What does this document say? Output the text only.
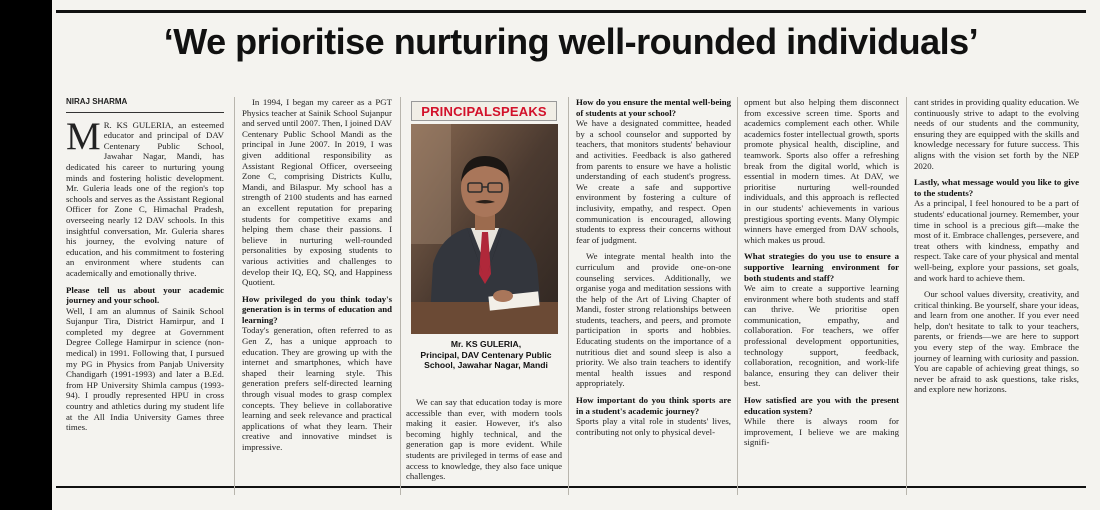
‘We prioritise nurturing well-rounded individuals’
NIRAJ SHARMA

M R. KS GULERIA, an esteemed educator and principal of DAV Centenary Public School, Jawahar Nagar, Mandi, has dedicated his career to nurturing young minds and fostering holistic development. Mr. Guleria leads one of the region's top schools and serves as the Assistant Regional Officer for Zone C, Himachal Pradesh, overseeing nearly 12 DAV schools. In this insightful conversation, Mr. Guleria shares his journey, the evolving nature of education, and his commitment to fostering an environment where students can academically and emotionally thrive.

Please tell us about your academic journey and your school.

Well, I am an alumnus of Sainik School Sujanpur Tira, District Hamirpur, and I completed my degree at Government Degree College Hamirpur in science (non-medical) in 1991. Following that, I pursued my PG in Physics from Panjab University Chandigarh (1991-1993) and later a B.Ed. from HP University Shimla campus (1993-94). I proudly represented HPU in cross country and athletics during my student life at the All India University Games three times.

In 1994, I began my career as a PGT Physics teacher at Sainik School Sujanpur and served until 2007. Then, I joined DAV Centenary Public School Mandi as the principal in June 2007. In 2019, I was given additional responsibility as Assistant Regional Officer, overseeing Zone C, comprising Districts Kullu, Mandi, and Bilaspur. My school has a strength of 2100 students and has earned an excellent reputation for preparing students for competitive exams and helping them chase their passions. I believe in nurturing well-rounded personalities by exposing students to various activities and challenges to develop their IQ, EQ, SQ, and Happiness Quotient.

How privileged do you think today's generation is in terms of education and learning?

Today's generation, often referred to as Gen Z, has a unique approach to education. They are growing up with the internet and smartphones, which have shaped their learning style. This generation prefers self-directed learning through visual modes to grasp complex concepts. They believe in collaborative learning and seek relevance and practical applications of what they learn. Their creative and innovative mindset is impressive.

PRINCIPALSPEAKS
Mr. KS GULERIA,
Principal, DAV Centenary Public
School, Jawahar Nagar, Mandi

We can say that education today is more accessible than ever, with modern tools making it easier. However, it's also becoming highly technical, and the generation gap is more evident. While students are privileged in terms of ease and access to knowledge, they also face unique challenges.

How do you ensure the mental well-being of students at your school?

We have a designated committee, headed by a school counselor and supported by teachers, that monitors students' behaviour and activities. Feedback is also gathered from parents to ensure we have a holistic understanding of each student's progress. We create a safe and supportive environment by fostering a culture of inclusivity, empathy, and respect. Open communication is encouraged, allowing students to express their concerns without fear of judgment.

We integrate mental health into the curriculum and provide one-on-one counseling services. Additionally, we organise yoga and meditation sessions with the help of the Art of Living Chapter of Mandi, foster strong relationships between students, teachers, and peers, and promote participation in sports and hobbies. Educating students on the importance of a nutritious diet and sound sleep is also a priority. We also train teachers to identify mental health issues and respond appropriately.

How important do you think sports are in a student's academic journey?

Sports play a vital role in students' lives, contributing not only to physical devel-

opment but also helping them disconnect from excessive screen time. Sports and academics complement each other. While academics foster intellectual growth, sports promote physical health, discipline, and teamwork. Sports also offer a refreshing break from the digital world, which is essential in modern times. At DAV, we prioritise nurturing well-rounded individuals, and this approach is reflected in our students' achievements in various prestigious sporting events. Many Olympic winners have emerged from DAV schools, which makes us proud.

What strategies do you use to ensure a supportive learning environment for both students and staff?

We aim to create a supportive learning environment where both students and staff can thrive. We prioritise open communication, empathy, and collaboration. For teachers, we offer professional development opportunities, technology support, feedback, collaboration, recognition, and work-life balance, ensuring they can deliver their best.

How satisfied are you with the present education system?

While there is always room for improvement, I believe we are making signifi-

cant strides in providing quality education. We continuously strive to adapt to the evolving needs of our students and the community, ensuring they are equipped with the skills and knowledge necessary for future success. This aligns with the vision set forth by the NEP 2020.

Lastly, what message would you like to give to the students?

As a principal, I feel honoured to be a part of students' educational journey. Remember, your time in school is a precious gift—make the most of it. Embrace challenges, persevere, and treat others with kindness, empathy and respect. Take care of your physical and mental well-being, explore your passions, set goals, and work hard to achieve them.

Our school values diversity, creativity, and critical thinking. Be yourself, share your ideas, and learn from one another. If you ever need help, don't hesitate to talk to your teachers, parents, or friends—we are here to support you every step of the way. Embrace the journey of learning with curiosity and passion. You are capable of achieving great things, so never be afraid to ask questions, take risks, and explore new horizons.
